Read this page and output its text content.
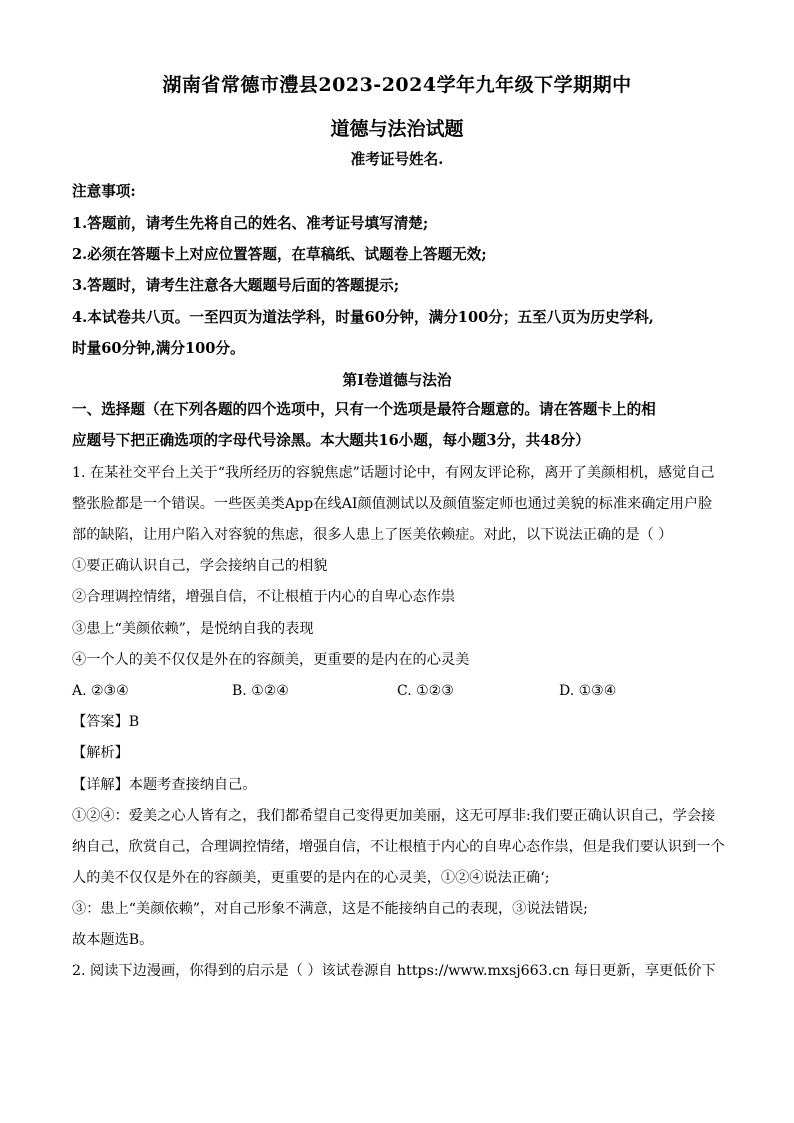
湖南省常德市澧县2023-2024学年九年级下学期期中
道德与法治试题
准考证号姓名.
注意事项:
1.答题前，请考生先将自己的姓名、准考证号填写清楚;
2.必须在答题卡上对应位置答题，在草稿纸、试题卷上答题无效;
3.答题时，请考生注意各大题题号后面的答题提示;
4.本试卷共八页。一至四页为道法学科，时量60分钟，满分100分；五至八页为历史学科,
时量60分钟,满分100分。
第I卷道德与法治
一、选择题（在下列各题的四个选项中，只有一个选项是最符合题意的。请在答题卡上的相
应题号下把正确选项的字母代号涂黑。本大题共16小题，每小题3分，共48分）
1. 在某社交平台上关于“我所经历的容貌焦虑”话题讨论中，有网友评论称，离开了美颜相机，感觉自己
整张脸都是一个错误。一些医美类App在线AI颜值测试以及颜值鉴定师也通过美貌的标准来确定用户脸
部的缺陷，让用户陷入对容貌的焦虑，很多人患上了医美依赖症。对此，以下说法正确的是（ ）
①要正确认识自己，学会接纳自己的相貌
②合理调控情绪，增强自信，不让根植于内心的自卑心态作祟
③患上“美颜依赖”，是悦纳自我的表现
④一个人的美不仅仅是外在的容颜美，更重要的是内在的心灵美
A. ②③④	B. ①②④	C. ①②③	D. ①③④
【答案】B
【解析】
【详解】本题考查接纳自己。
①②④：爱美之心人皆有之，我们都希望自己变得更加美丽，这无可厚非:我们要正确认识自己，学会接
纳自己，欣赏自己，合理调控情绪，增强自信，不让根植于内心的自卑心态作祟，但是我们要认识到一个
人的美不仅仅是外在的容颜美，更重要的是内在的心灵美，①②④说法正确‘;
③：患上“美颜依赖”，对自己形象不满意，这是不能接纳自己的表现，③说法错误;
故本题选B。
2. 阅读下边漫画，你得到的启示是（ ）该试卷源自 https://www.mxsj663.cn 每日更新，享更低价下
